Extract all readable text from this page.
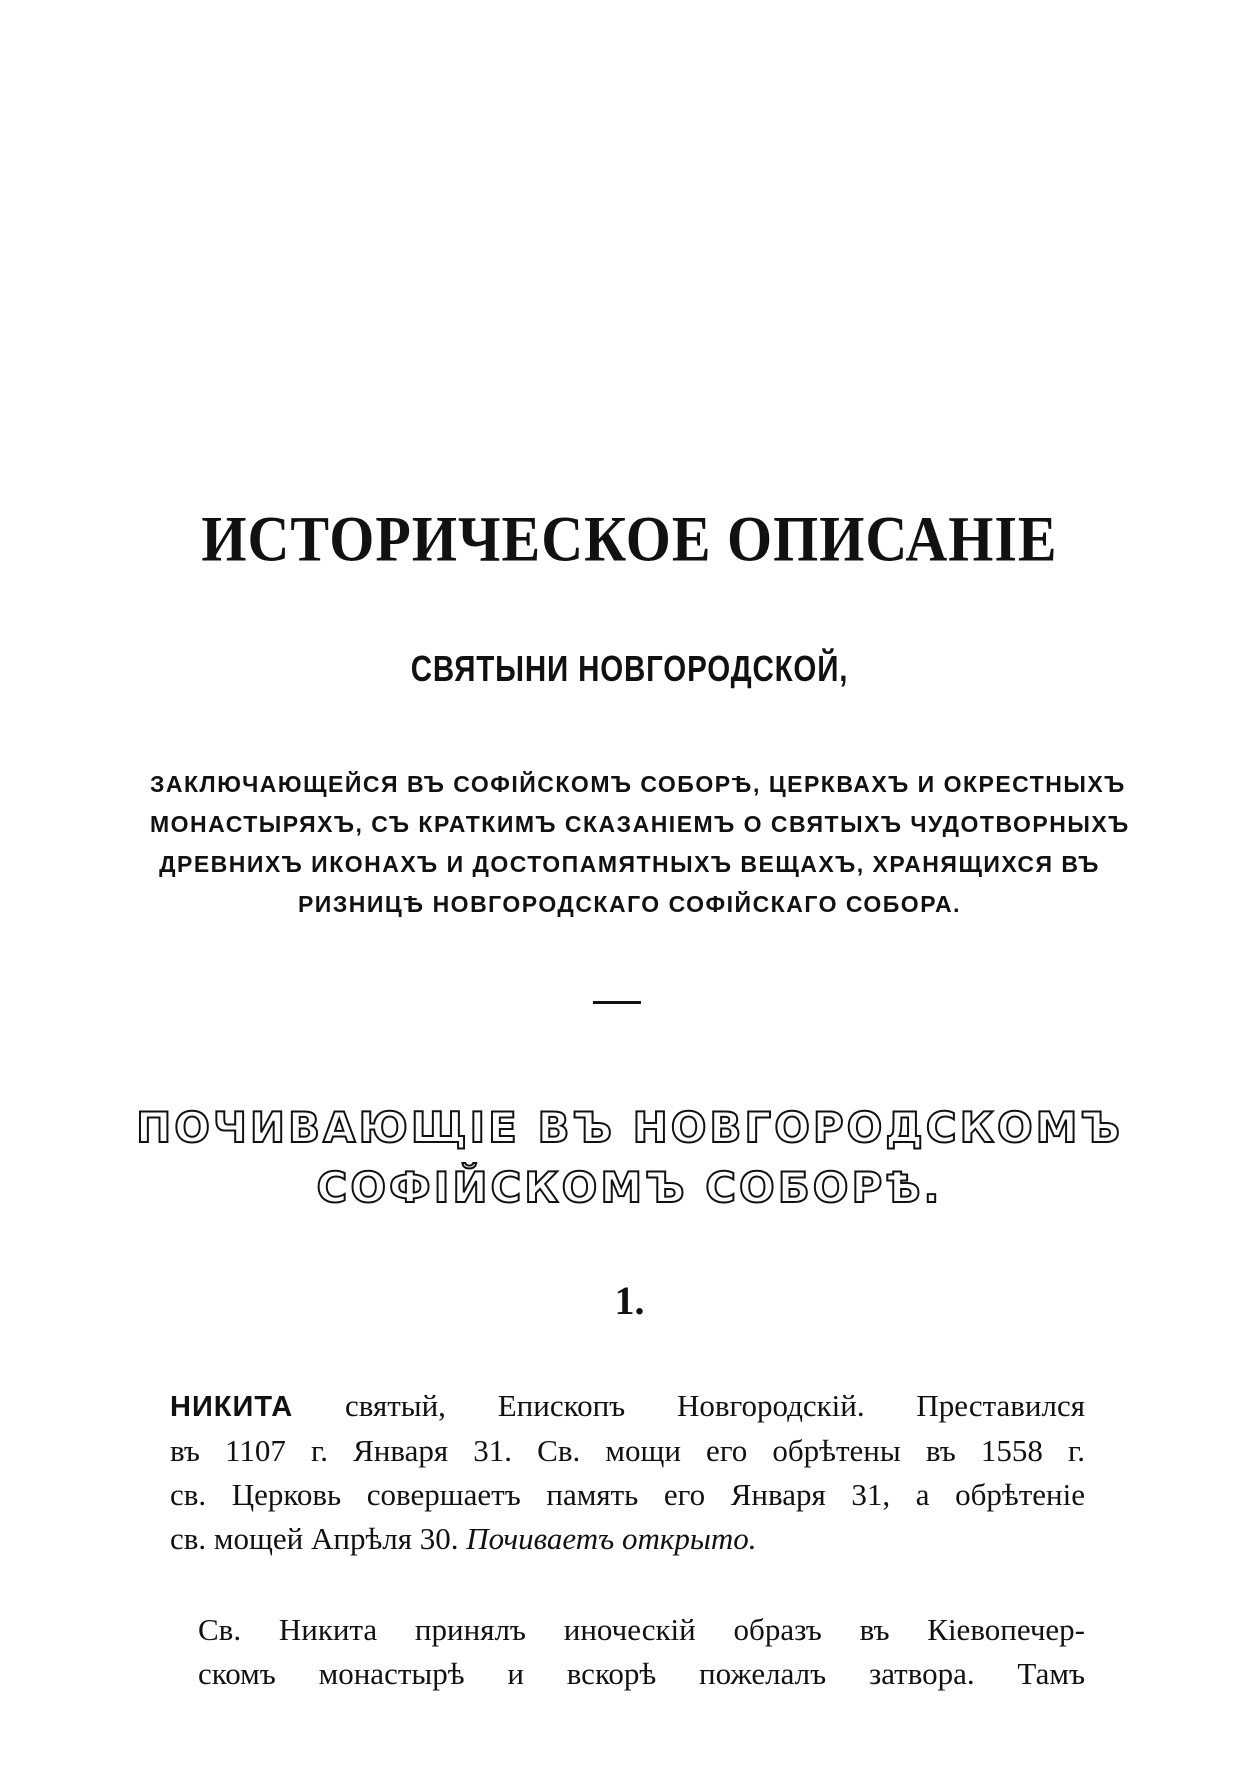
ИСТОРИЧЕСКОЕ ОПИСАНІЕ
СВЯТЫНИ НОВГОРОДСКОЙ,
ЗАКЛЮЧАЮЩЕЙСЯ ВЪ СОФІЙСКОМЪ СОБОРѢ, ЦЕРКВАХЪ И ОКРЕСТНЫХЪ
МОНАСТЫРЯХЪ, СЪ КРАТКИМЪ СКАЗАНІЕМЪ О СВЯТЫХЪ ЧУДОТВОРНЫХЪ
ДРЕВНИХЪ ИКОНАХЪ И ДОСТОПАМЯТНЫХЪ ВЕЩАХЪ, ХРАНЯЩИХСЯ ВЪ
РИЗНИЦѢ НОВГОРОДСКАГО СОФІЙСКАГО СОБОРА.
ПОЧИВАЮЩІЕ ВЪ НОВГОРОДСКОМЪ
СОФІЙСКОМЪ СОБОРѢ.
1.
НИКИТА святый, Епископъ Новгородскій. Преставился
въ 1107 г. Января 31. Св. мощи его обрѣтены въ 1558 г.
св. Церковь совершаетъ память его Января 31, а обрѣтеніе
св. мощей Апрѣля 30. Почиваетъ открыто.
Св. Никита принялъ иноческій образъ въ Кіевопечер-
скомъ монастырѣ и вскорѣ пожелалъ затвора. Тамъ
